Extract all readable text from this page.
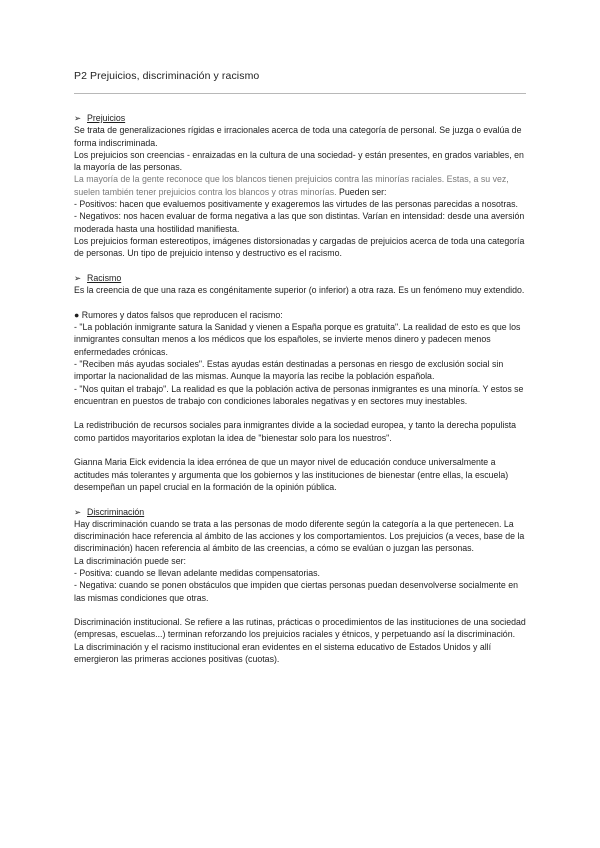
P2 Prejuicios, discriminación y racismo

➢ Prejuicios

Se trata de generalizaciones rígidas e irracionales acerca de toda una categoría de personal. Se juzga o evalúa de forma indiscriminada.

Los prejuicios son creencias - enraizadas en la cultura de una sociedad- y están presentes, en grados variables, en la mayoría de las personas.

La mayoría de la gente reconoce que los blancos tienen prejuicios contra las minorías raciales. Estas, a su vez, suelen también tener prejuicios contra los blancos y otras minorías. Pueden ser:

- Positivos: hacen que evaluemos positivamente y exageremos las virtudes de las personas parecidas a nosotras.

- Negativos: nos hacen evaluar de forma negativa a las que son distintas. Varían en intensidad: desde una aversión moderada hasta una hostilidad manifiesta.

Los prejuicios forman estereotipos, imágenes distorsionadas y cargadas de prejuicios acerca de toda una categoría de personas. Un tipo de prejuicio intenso y destructivo es el racismo.

➢ Racismo

Es la creencia de que una raza es congénitamente superior (o inferior) a otra raza. Es un fenómeno muy extendido.

● Rumores y datos falsos que reproducen el racismo:

- "La población inmigrante satura la Sanidad y vienen a España porque es gratuita". La realidad de esto es que los inmigrantes consultan menos a los médicos que los españoles, se invierte menos dinero y padecen menos enfermedades crónicas.

- "Reciben más ayudas sociales". Estas ayudas están destinadas a personas en riesgo de exclusión social sin importar la nacionalidad de las mismas. Aunque la mayoría las recibe la población española.

- "Nos quitan el trabajo". La realidad es que la población activa de personas inmigrantes es una minoría. Y estos se encuentran en puestos de trabajo con condiciones laborales negativas y en sectores muy inestables.

La redistribución de recursos sociales para inmigrantes divide a la sociedad europea, y tanto la derecha populista como partidos mayoritarios explotan la idea de "bienestar solo para los nuestros".

Gianna Maria Eick evidencia la idea errónea de que un mayor nivel de educación conduce universalmente a actitudes más tolerantes y argumenta que los gobiernos y las instituciones de bienestar (entre ellas, la escuela) desempeñan un papel crucial en la formación de la opinión pública.

➢ Discriminación

Hay discriminación cuando se trata a las personas de modo diferente según la categoría a la que pertenecen. La discriminación hace referencia al ámbito de las acciones y los comportamientos. Los prejuicios (a veces, base de la discriminación) hacen referencia al ámbito de las creencias, a cómo se evalúan o juzgan las personas.

La discriminación puede ser:

- Positiva: cuando se llevan adelante medidas compensatorias.

- Negativa: cuando se ponen obstáculos que impiden que ciertas personas puedan desenvolverse socialmente en las mismas condiciones que otras.

Discriminación institucional. Se refiere a las rutinas, prácticas o procedimientos de las instituciones de una sociedad (empresas, escuelas...) terminan reforzando los prejuicios raciales y étnicos, y perpetuando así la discriminación. La discriminación y el racismo institucional eran evidentes en el sistema educativo de Estados Unidos y allí emergieron las primeras acciones positivas (cuotas).
